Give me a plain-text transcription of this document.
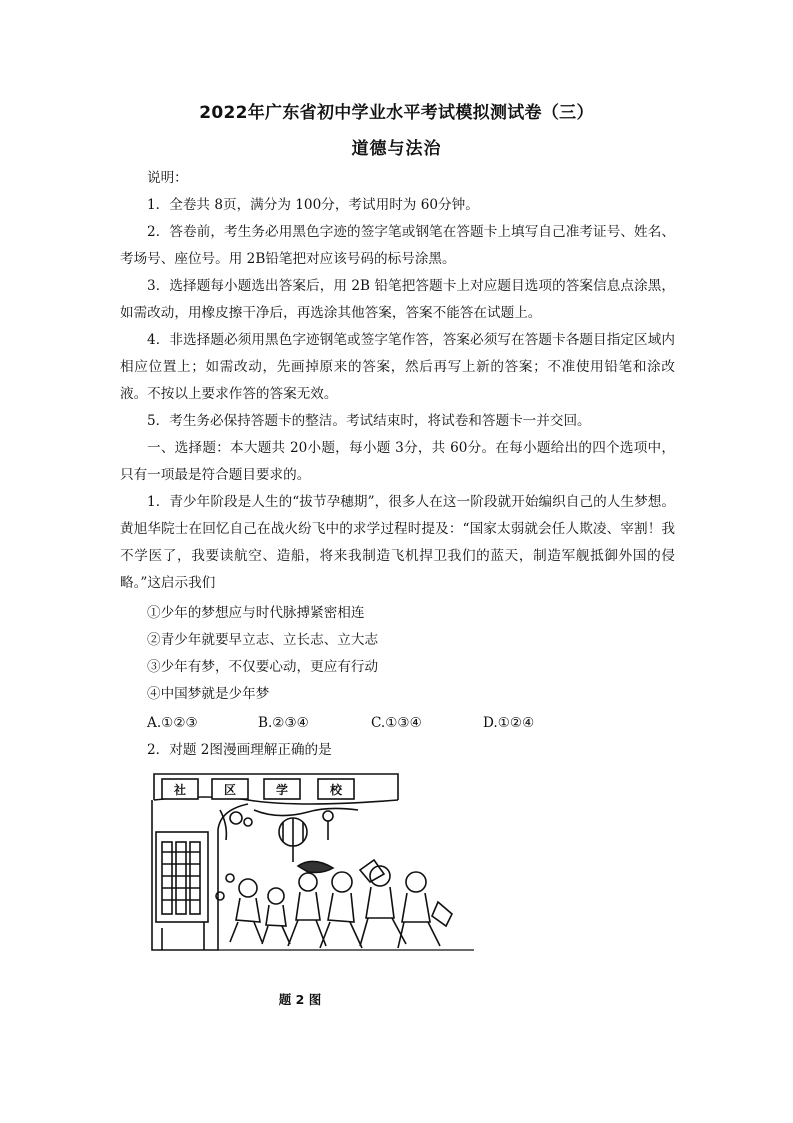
2022年广东省初中学业水平考试模拟测试卷（三）
道德与法治
说明：
1．全卷共 8页，满分为 100分，考试用时为 60分钟。
2．答卷前，考生务必用黑色字迹的签字笔或钢笔在答题卡上填写自己准考证号、姓名、考场号、座位号。用 2B铅笔把对应该号码的标号涂黑。
3．选择题每小题选出答案后，用 2B 铅笔把答题卡上对应题目选项的答案信息点涂黑，如需改动，用橡皮擦干净后，再选涂其他答案，答案不能答在试题上。
4．非选择题必须用黑色字迹钢笔或签字笔作答，答案必须写在答题卡各题目指定区域内相应位置上；如需改动，先画掉原来的答案，然后再写上新的答案；不准使用铅笔和涂改液。不按以上要求作答的答案无效。
5．考生务必保持答题卡的整洁。考试结束时，将试卷和答题卡一并交回。
一、选择题：本大题共 20小题，每小题 3分，共 60分。在每小题给出的四个选项中，只有一项最是符合题目要求的。
1．青少年阶段是人生的“拔节孕穗期”，很多人在这一阶段就开始编织自己的人生梦想。黄旭华院士在回忆自己在战火纷飞中的求学过程时提及：“国家太弱就会任人欺凌、宰割！我不学医了，我要读航空、造船，将来我制造飞机捍卫我们的蓝天，制造军舰抵御外国的侵略。”这启示我们
①少年的梦想应与时代脉搏紧密相连
②青少年就要早立志、立长志、立大志
③少年有梦，不仅要心动，更应有行动
④中国梦就是少年梦
A.①②③	B.②③④	C.①③④	D.①②④
2．对题 2图漫画理解正确的是
社	区	学	校
题 2 图
